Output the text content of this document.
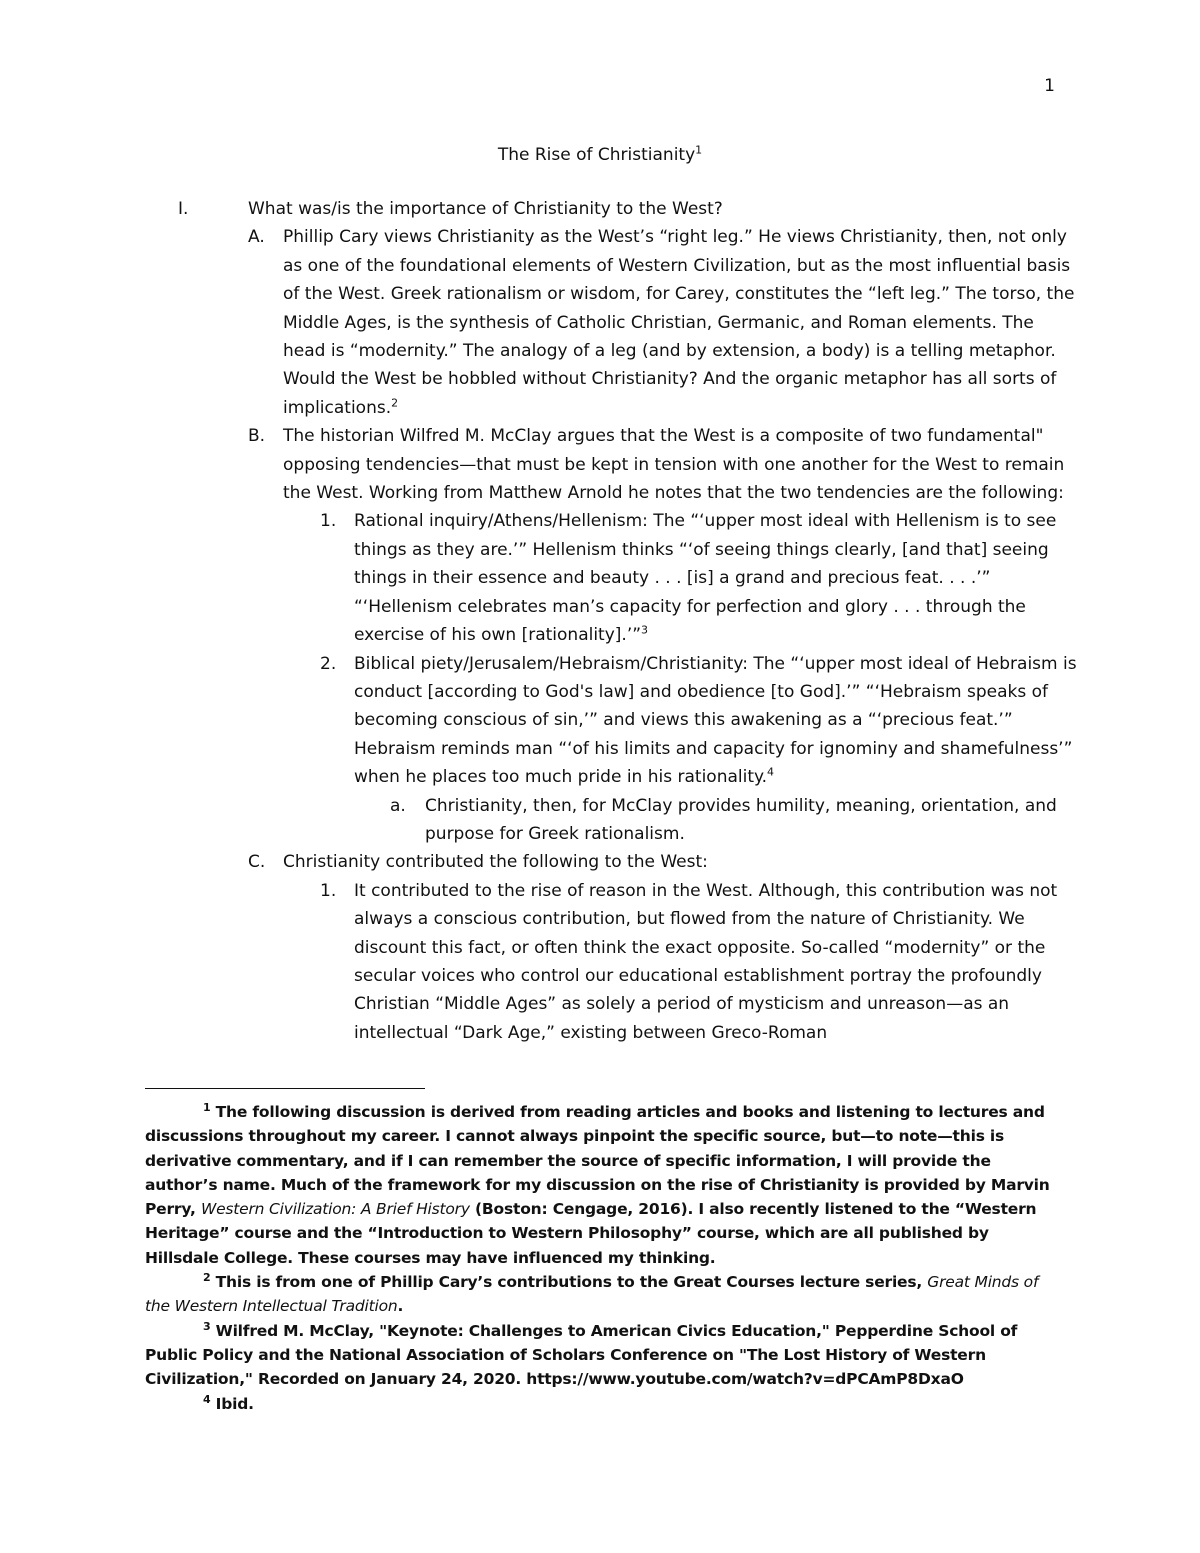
1
The Rise of Christianity$^1$
I.	What was/is the importance of Christianity to the West?
A. Phillip Cary views Christianity as the West’s “right leg.” He views Christianity, then, not only as one of the foundational elements of Western Civilization, but as the most influential basis of the West. Greek rationalism or wisdom, for Carey, constitutes the “left leg.” The torso, the Middle Ages, is the synthesis of Catholic Christian, Germanic, and Roman elements. The head is “modernity.” The analogy of a leg (and by extension, a body) is a telling metaphor. Would the West be hobbled without Christianity? And the organic metaphor has all sorts of implications.$^2$
B. The historian Wilfred M. McClay argues that the West is a composite of two fundamental" opposing tendencies—that must be kept in tension with one another for the West to remain the West. Working from Matthew Arnold he notes that the two tendencies are the following:
1. Rational inquiry/Athens/Hellenism: The “‘upper most ideal with Hellenism is to see things as they are.’” Hellenism thinks “‘of seeing things clearly, [and that] seeing things in their essence and beauty . . . [is] a grand and precious feat. . . .’” “‘Hellenism celebrates man’s capacity for perfection and glory . . . through the exercise of his own [rationality].’”$^3$
2. Biblical piety/Jerusalem/Hebraism/Christianity: The “‘upper most ideal of Hebraism is conduct [according to God's law] and obedience [to God].’” “‘Hebraism speaks of becoming conscious of sin,’” and views this awakening as a “‘precious feat.’” Hebraism reminds man “‘of his limits and capacity for ignominy and shamefulness’” when he places too much pride in his rationality.$^4$
a. Christianity, then, for McClay provides humility, meaning, orientation, and purpose for Greek rationalism.
C. Christianity contributed the following to the West:
1. It contributed to the rise of reason in the West. Although, this contribution was not always a conscious contribution, but flowed from the nature of Christianity. We discount this fact, or often think the exact opposite. So-called “modernity” or the secular voices who control our educational establishment portray the profoundly Christian “Middle Ages” as solely a period of mysticism and unreason—as an intellectual “Dark Age,” existing between Greco-Roman
$^1$ The following discussion is derived from reading articles and books and listening to lectures and discussions throughout my career. I cannot always pinpoint the specific source, but—to note—this is derivative commentary, and if I can remember the source of specific information, I will provide the author’s name. Much of the framework for my discussion on the rise of Christianity is provided by Marvin Perry, Western Civilization: A Brief History (Boston: Cengage, 2016). I also recently listened to the “Western Heritage” course and the “Introduction to Western Philosophy” course, which are all published by Hillsdale College. These courses may have influenced my thinking.
$^2$ This is from one of Phillip Cary’s contributions to the Great Courses lecture series, Great Minds of the Western Intellectual Tradition.
$^3$ Wilfred M. McClay, "Keynote: Challenges to American Civics Education," Pepperdine School of Public Policy and the National Association of Scholars Conference on "The Lost History of Western Civilization," Recorded on January 24, 2020. https://www.youtube.com/watch?v=dPCAmP8DxaO
$^4$ Ibid.
